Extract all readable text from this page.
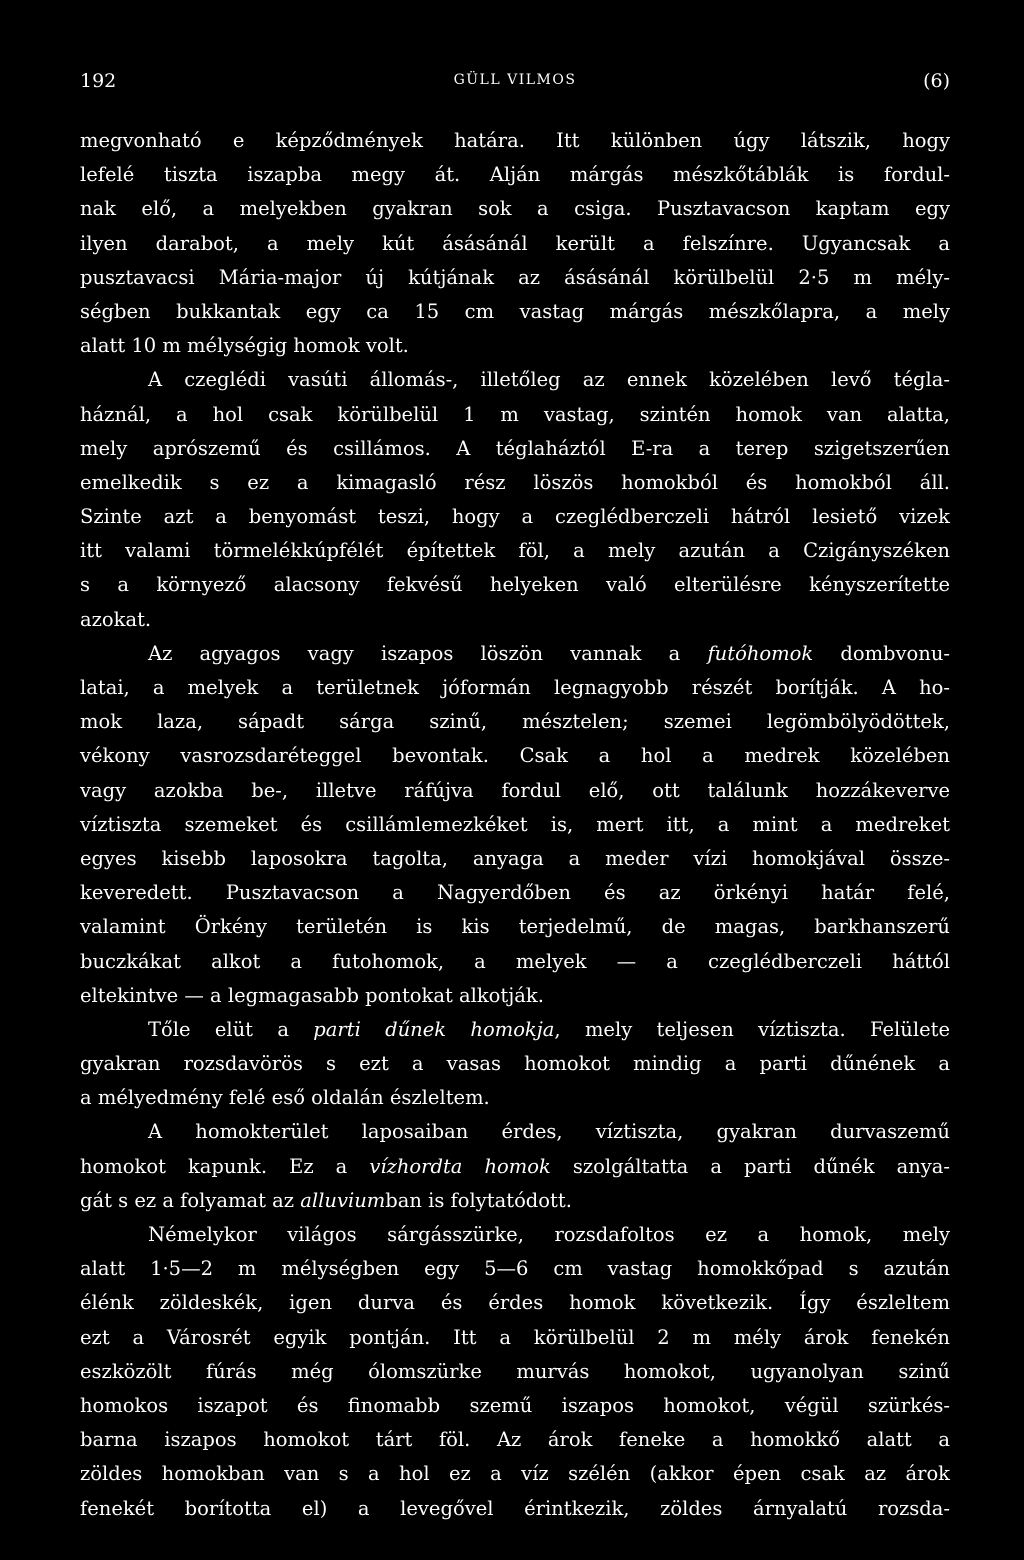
192	GÜLL VILMOS	(6)
megvonható e képződmények határa. Itt különben úgy látszik, hogy
lefelé tiszta iszapba megy át. Alján márgás mészkőtáblák is fordul-
nak elő, a melyekben gyakran sok a csiga. Pusztavacson kaptam egy
ilyen darabot, a mely kút ásásánál került a felszínre. Ugyancsak a
pusztavacsi Mária-major új kútjának az ásásánál körülbelül 2·5 m mély-
ségben bukkantak egy ca 15 cm vastag márgás mészkőlapra, a mely
alatt 10 m mélységig homok volt.
A czeglédi vasúti állomás-, illetőleg az ennek közelében levő tégla-
háznál, a hol csak körülbelül 1 m vastag, szintén homok van alatta,
mely aprószemű és csillámos. A téglaháztól E-ra a terep szigetszerűen
emelkedik s ez a kimagasló rész löszös homokból és homokból áll.
Szinte azt a benyomást teszi, hogy a czeglédberczeli hátról lesiető vizek
itt valami törmelékkúpfélét építettek föl, a mely azután a Czigányszéken
s a környező alacsony fekvésű helyeken való elterülésre kényszerítette
azokat.
Az agyagos vagy iszapos löszön vannak a futóhomok dombvonu-
latai, a melyek a területnek jóformán legnagyobb részét borítják. A ho-
mok laza, sápadt sárga szinű, mésztelen; szemei legömbölyödöttek,
vékony vasrozsdaréteggel bevontak. Csak a hol a medrek közelében
vagy azokba be-, illetve ráfújva fordul elő, ott találunk hozzákeverve
víztiszta szemeket és csillámlemezkéket is, mert itt, a mint a medreket
egyes kisebb laposokra tagolta, anyaga a meder vízi homokjával össze-
keveredett. Pusztavacson a Nagyerdőben és az örkényi határ felé,
valamint Örkény területén is kis terjedelmű, de magas, barkhanszerű
buczkákat alkot a futohomok, a melyek — a czeglédberczeli háttól
eltekintve — a legmagasabb pontokat alkotják.
Tőle elüt a parti dűnek homokja, mely teljesen víztiszta. Felülete
gyakran rozsdavörös s ezt a vasas homokot mindig a parti dűnének a
a mélyedmény felé eső oldalán észleltem.
A homokterület laposaiban érdes, víztiszta, gyakran durvaszemű
homokot kapunk. Ez a vízhordta homok szolgáltatta a parti dűnék anya-
gát s ez a folyamat az alluviumban is folytatódott.
Némelykor világos sárgásszürke, rozsdafoltos ez a homok, mely
alatt 1·5—2 m mélységben egy 5—6 cm vastag homokkőpad s azután
élénk zöldeskék, igen durva és érdes homok következik. Így észleltem
ezt a Városrét egyik pontján. Itt a körülbelül 2 m mély árok fenekén
eszközölt fúrás még ólomszürke murvás homokot, ugyanolyan szinű
homokos iszapot és finomabb szemű iszapos homokot, végül szürkés-
barna iszapos homokot tárt föl. Az árok feneke a homokkő alatt a
zöldes homokban van s a hol ez a víz szélén (akkor épen csak az árok
fenekét borította el) a levegővel érintkezik, zöldes árnyalatú rozsda-
